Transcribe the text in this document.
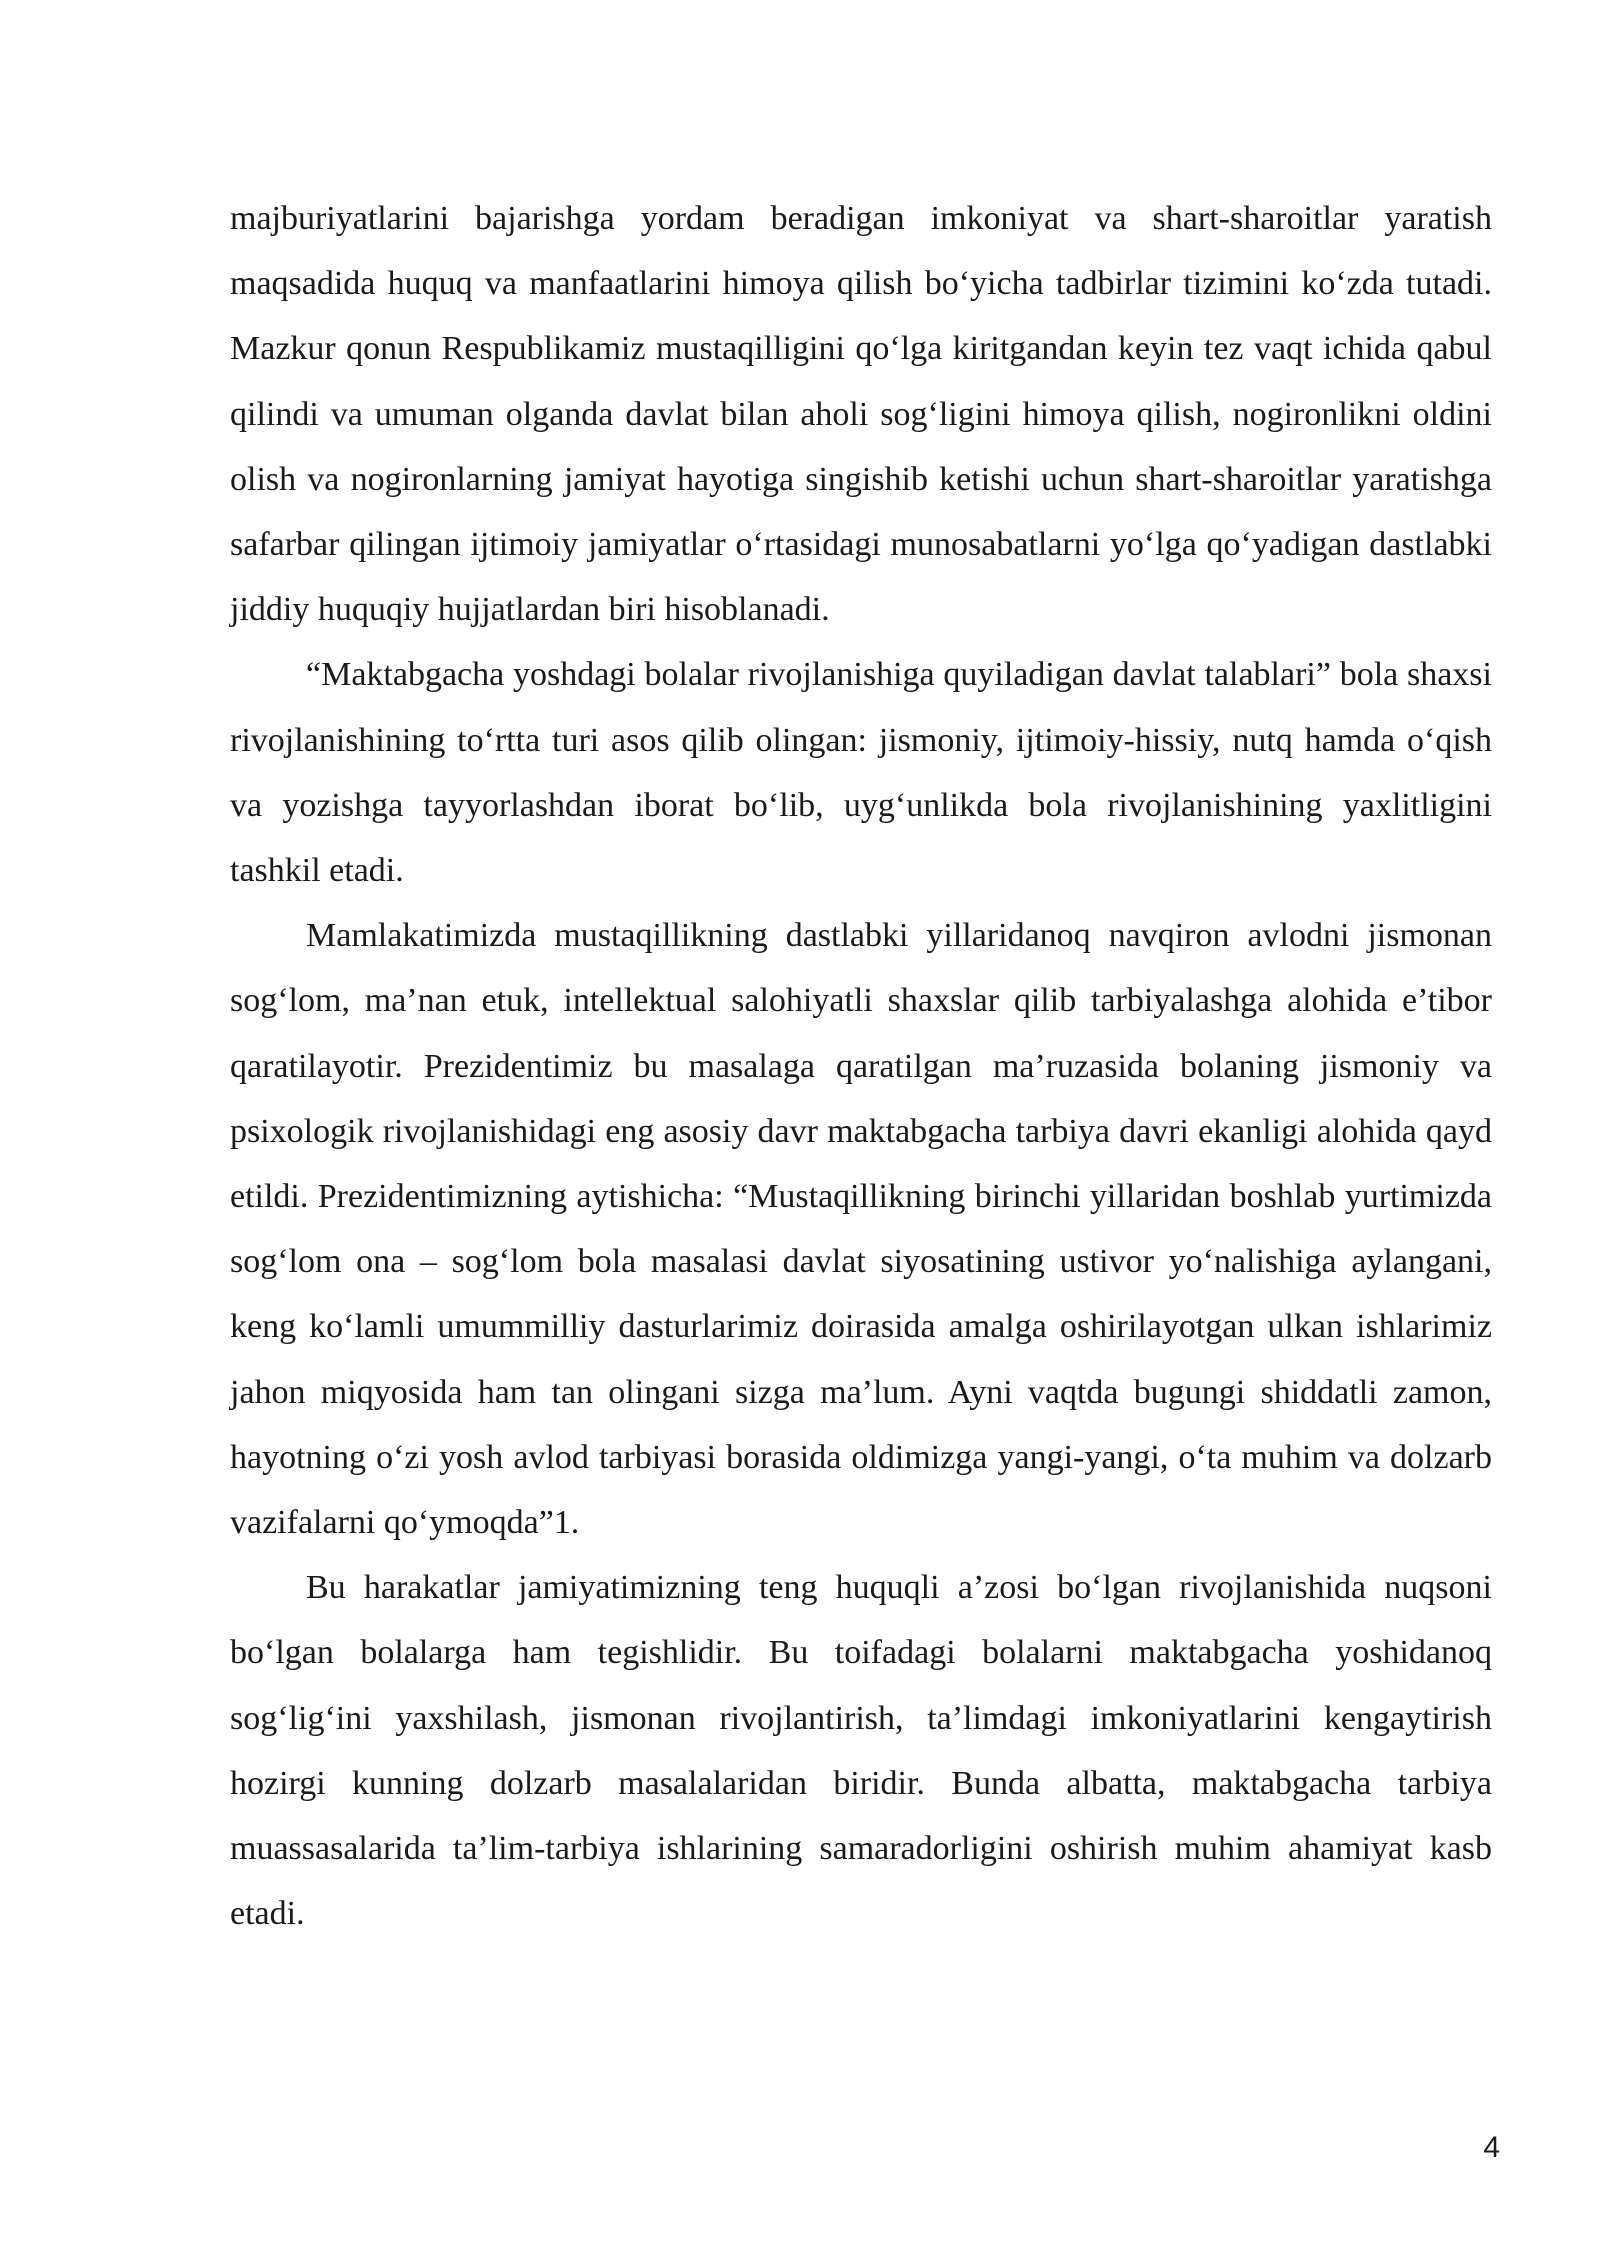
majburiyatlarini bajarishga yordam beradigan imkoniyat va shart-sharoitlar yaratish maqsadida huquq va manfaatlarini himoya qilish bo‘yicha tadbirlar tizimini ko‘zda tutadi. Mazkur qonun Respublikamiz mustaqilligini qo‘lga kiritgandan keyin tez vaqt ichida qabul qilindi va umuman olganda davlat bilan aholi sog‘ligini himoya qilish, nogironlikni oldini olish va nogironlarning jamiyat hayotiga singishib ketishi uchun shart-sharoitlar yaratishga safarbar qilingan ijtimoiy jamiyatlar o‘rtasidagi munosabatlarni yo‘lga qo‘yadigan dastlabki jiddiy huquqiy hujjatlardan biri hisoblanadi.

“Maktabgacha yoshdagi bolalar rivojlanishiga quyiladigan davlat talablari” bola shaxsi rivojlanishining to‘rtta turi asos qilib olingan: jismoniy, ijtimoiy-hissiy, nutq hamda o‘qish va yozishga tayyorlashdan iborat bo‘lib, uyg‘unlikda bola rivojlanishining yaxlitligini tashkil etadi.

Mamlakatimizda mustaqillikning dastlabki yillaridanoq navqiron avlodni jismonan sog‘lom, ma’nan etuk, intellektual salohiyatli shaxslar qilib tarbiyalashga alohida e’tibor qaratilayotir. Prezidentimiz bu masalaga qaratilgan ma’ruzasida bolaning jismoniy va psixologik rivojlanishidagi eng asosiy davr maktabgacha tarbiya davri ekanligi alohida qayd etildi. Prezidentimizning aytishicha: “Mustaqillikning birinchi yillaridan boshlab yurtimizda sog‘lom ona – sog‘lom bola masalasi davlat siyosatining ustivor yo‘nalishiga aylangani, keng ko‘lamli umummilliy dasturlarimiz doirasida amalga oshirilayotgan ulkan ishlarimiz jahon miqyosida ham tan olingani sizga ma’lum. Ayni vaqtda bugungi shiddatli zamon, hayotning o‘zi yosh avlod tarbiyasi borasida oldimizga yangi-yangi, o‘ta muhim va dolzarb vazifalarni qo‘ymoqda”1.

Bu harakatlar jamiyatimizning teng huquqli a’zosi bo‘lgan rivojlanishida nuqsoni bo‘lgan bolalarga ham tegishlidir. Bu toifadagi bolalarni maktabgacha yoshidanoq sog‘lig‘ini yaxshilash, jismonan rivojlantirish, ta’limdagi imkoniyatlarini kengaytirish hozirgi kunning dolzarb masalalaridan biridir. Bunda albatta, maktabgacha tarbiya muassasalarida ta’lim-tarbiya ishlarining samaradorligini oshirish muhim ahamiyat kasb etadi.

4
